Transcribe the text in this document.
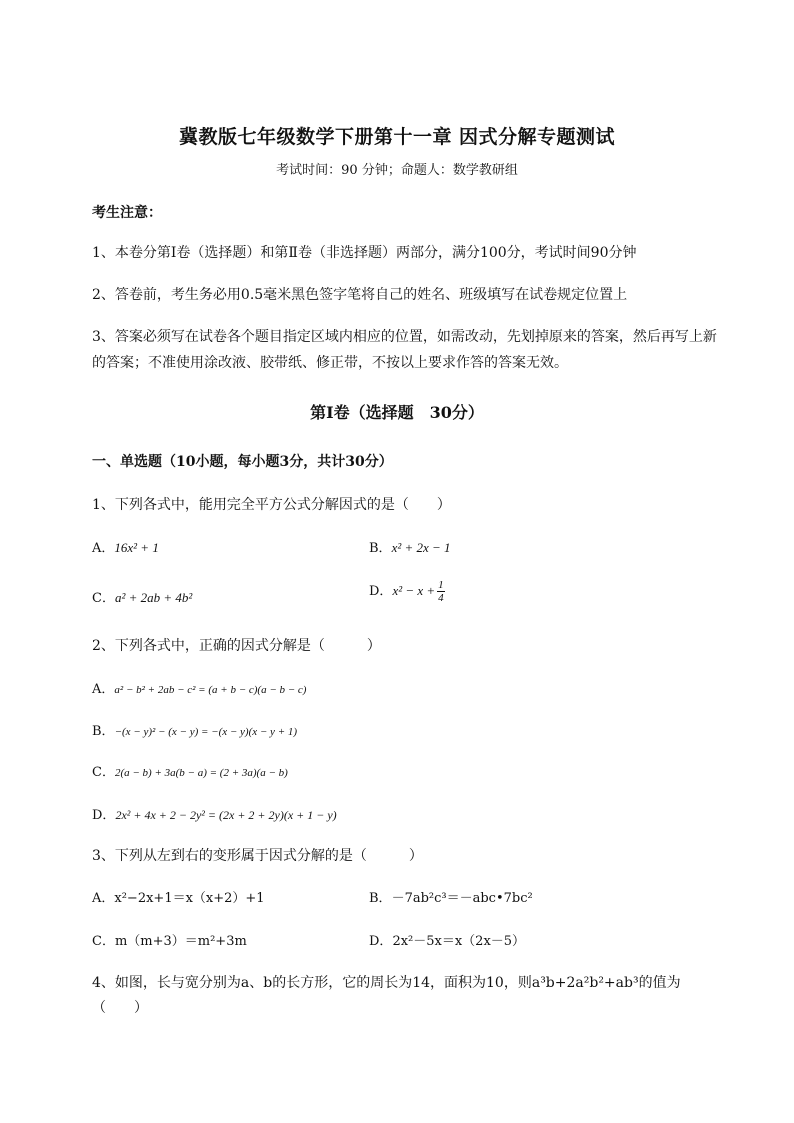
冀教版七年级数学下册第十一章 因式分解专题测试
考试时间：90 分钟；命题人：数学教研组
考生注意：
1、本卷分第Ⅰ卷（选择题）和第Ⅱ卷（非选择题）两部分，满分100分，考试时间90分钟
2、答卷前，考生务必用0.5毫米黑色签字笔将自己的姓名、班级填写在试卷规定位置上
3、答案必须写在试卷各个题目指定区域内相应的位置，如需改动，先划掉原来的答案，然后再写上新
的答案；不准使用涂改液、胶带纸、修正带，不按以上要求作答的答案无效。
第Ⅰ卷（选择题　30分）
一、单选题（10小题，每小题3分，共计30分）
1、下列各式中，能用完全平方公式分解因式的是（　　）
A．16x² + 1	B．x² + 2x − 1
C．a² + 2ab + 4b²	D．$x^2 - x + \frac{1}{4}$
2、下列各式中，正确的因式分解是（　　　）
A．a² − b² + 2ab − c² = (a + b − c)(a − b − c)
B．−(x − y)² − (x − y) = −(x − y)(x − y + 1)
C．2(a − b) + 3a(b − a) = (2 + 3a)(a − b)
D．2x² + 4x + 2 − 2y² = (2x + 2 + 2y)(x + 1 − y)
3、下列从左到右的变形属于因式分解的是（　　　）
A．x²−2x+1＝x（x+2）+1	B．－7ab²c³＝－abc•7bc²
C．m（m+3）＝m²+3m	D．2x²－5x＝x（2x－5）
4、如图，长与宽分别为a、b的长方形，它的周长为14，面积为10，则a³b+2a²b²+ab³的值为
（　　）
